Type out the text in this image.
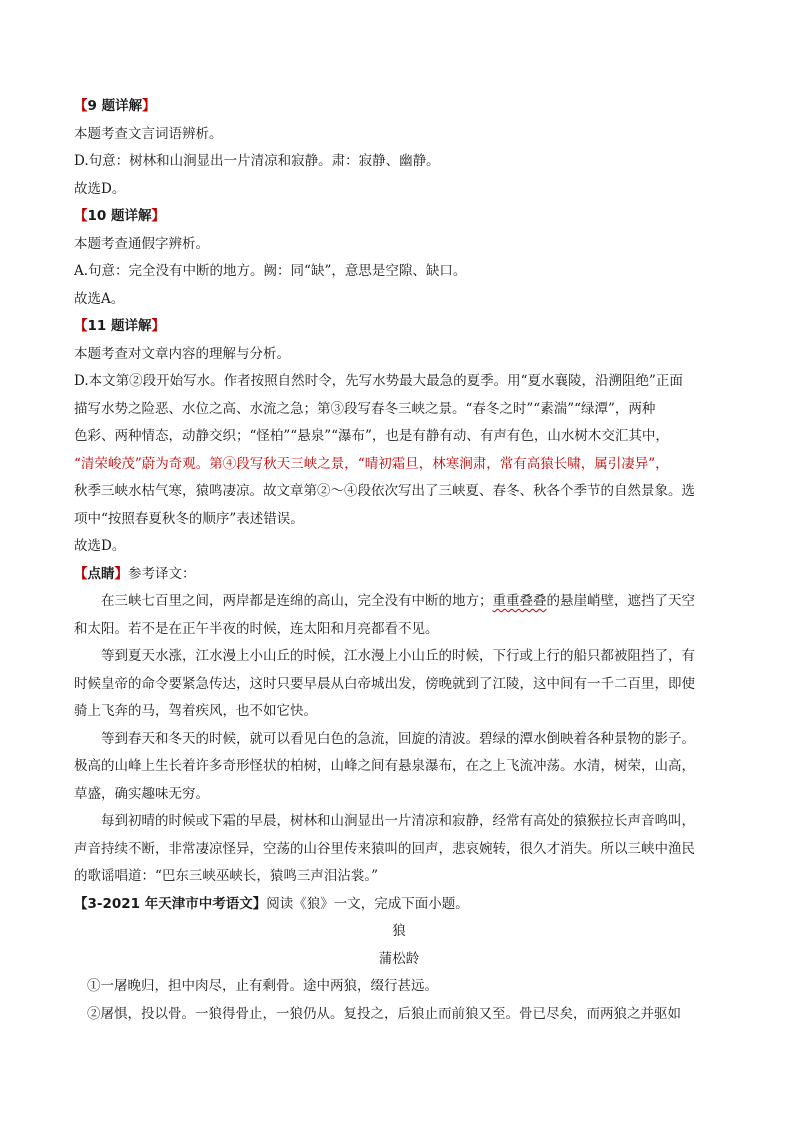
【9 题详解】
本题考查文言词语辨析。
D.句意：树林和山涧显出一片清凉和寂静。肃：寂静、幽静。
故选D。
【10 题详解】
本题考查通假字辨析。
A.句意：完全没有中断的地方。阙：同“缺”，意思是空隙、缺口。
故选A。
【11 题详解】
本题考查对文章内容的理解与分析。
D.本文第②段开始写水。作者按照自然时令，先写水势最大最急的夏季。用“夏水襄陵，沿溯阻绝”正面
描写水势之险恶、水位之高、水流之急；第③段写春冬三峡之景。“春冬之时”“素湍”“绿潭”，两种
色彩、两种情态，动静交织；“怪柏”“悬泉”“瀑布”，也是有静有动、有声有色，山水树木交汇其中，
“清荣峻茂”蔚为奇观。第④段写秋天三峡之景，“晴初霜旦，林寒涧肃，常有高猿长啸，属引凄异”，
秋季三峡水枯气寒，猿鸣凄凉。故文章第②～④段依次写出了三峡夏、春冬、秋各个季节的自然景象。选
项中“按照春夏秋冬的顺序”表述错误。
故选D。
【点睛】参考译文：
在三峡七百里之间，两岸都是连绵的高山，完全没有中断的地方；重重叠叠的悬崖峭壁，遮挡了天空
和太阳。若不是在正午半夜的时候，连太阳和月亮都看不见。
等到夏天水涨，江水漫上小山丘的时候，江水漫上小山丘的时候，下行或上行的船只都被阻挡了，有
时候皇帝的命令要紧急传达，这时只要早晨从白帝城出发，傍晚就到了江陵，这中间有一千二百里，即使
骑上飞奔的马，驾着疾风，也不如它快。
等到春天和冬天的时候，就可以看见白色的急流，回旋的清波。碧绿的潭水倒映着各种景物的影子。
极高的山峰上生长着许多奇形怪状的柏树，山峰之间有悬泉瀑布，在之上飞流冲荡。水清，树荣，山高，
草盛，确实趣味无穷。
每到初晴的时候或下霜的早晨，树林和山涧显出一片清凉和寂静，经常有高处的猿猴拉长声音鸣叫，
声音持续不断，非常凄凉怪异，空荡的山谷里传来猿叫的回声，悲哀婉转，很久才消失。所以三峡中渔民
的歌谣唱道：“巴东三峡巫峡长，猿鸣三声泪沾裳。”
【3-2021 年天津市中考语文】阅读《狼》一文，完成下面小题。
狼
蒲松龄
①一屠晚归，担中肉尽，止有剩骨。途中两狼，缀行甚远。
②屠惧，投以骨。一狼得骨止，一狼仍从。复投之，后狼止而前狼又至。骨已尽矣，而两狼之并驱如
